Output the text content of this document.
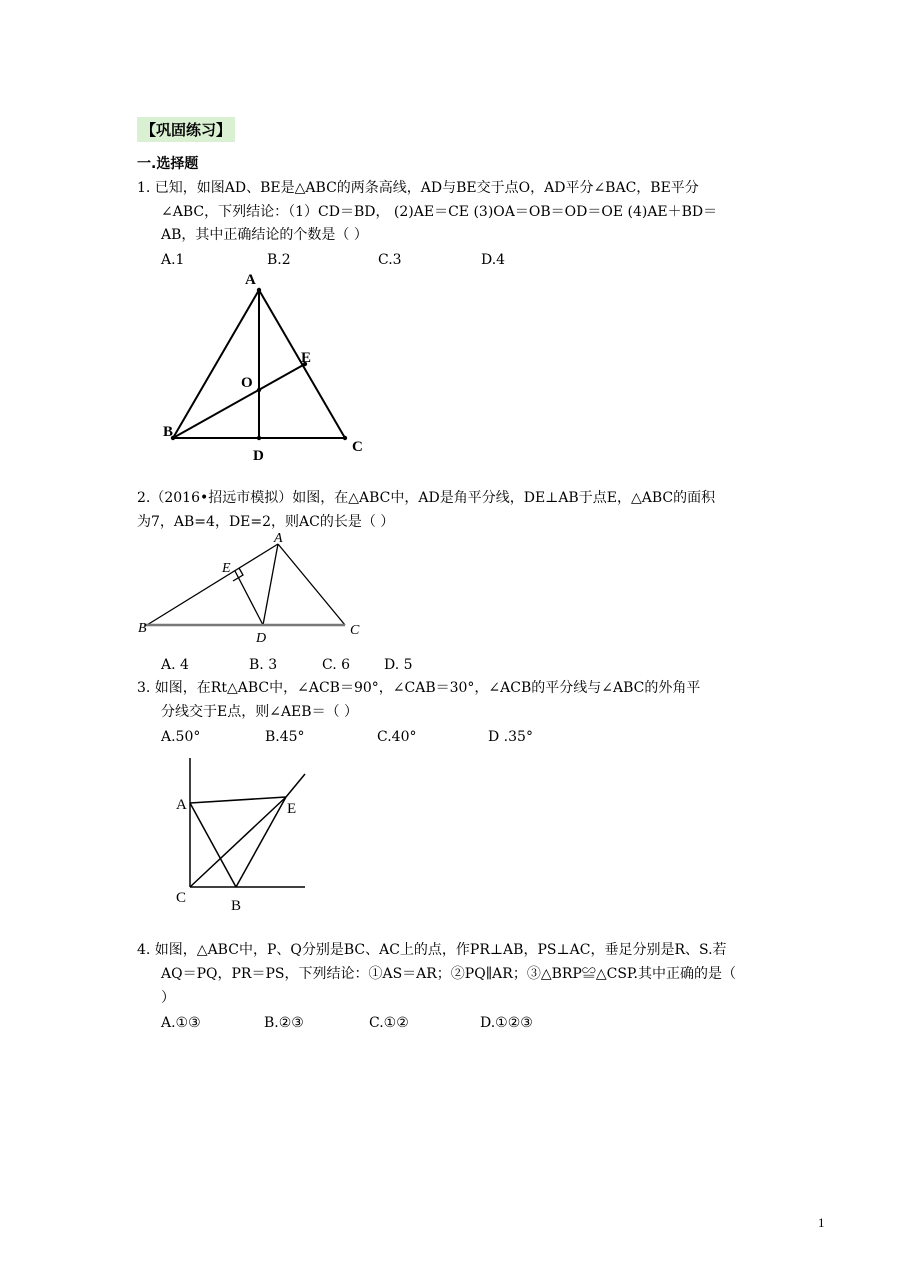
【巩固练习】
一.选择题
1. 已知，如图AD、BE是△ABC的两条高线，AD与BE交于点O，AD平分∠BAC，BE平分
∠ABC，下列结论：（1）CD＝BD， (2)AE＝CE (3)OA＝OB＝OD＝OE (4)AE＋BD＝
AB，其中正确结论的个数是（ ）
A.1	B.2	C.3	D.4
A
E
O
B
D
C
2.（2016•招远市模拟）如图，在△ABC中，AD是角平分线，DE⊥AB于点E，△ABC的面积
为7，AB=4，DE=2，则AC的长是（ ）
A
E
B
D
C
A. 4	B. 3	C. 6 D. 5
3. 如图，在Rt△ABC中，∠ACB＝90°，∠CAB＝30°，∠ACB的平分线与∠ABC的外角平
分线交于E点，则∠AEB＝（ ）
A.50°	B.45°	C.40°	D .35°
A	E
C	B
4. 如图，△ABC中，P、Q分别是BC、AC上的点，作PR⊥AB，PS⊥AC，垂足分别是R、S.若
AQ＝PQ，PR＝PS，下列结论：①AS＝AR；②PQ∥AR；③△BRP≌△CSP.其中正确的是（
）
A.①③	B.②③	C.①②	D.①②③
1
